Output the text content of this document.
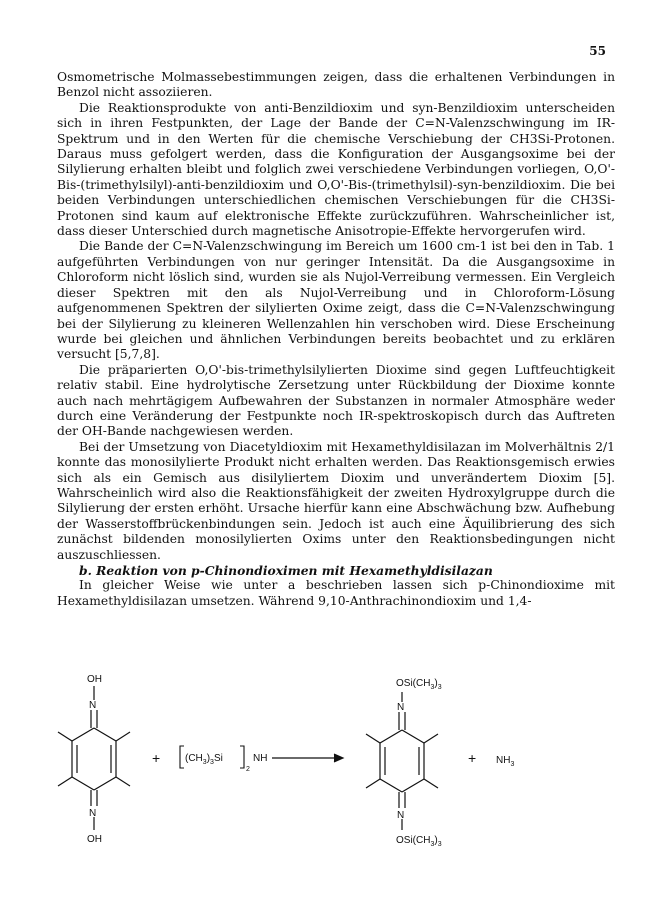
55

Osmometrische Molmassebestimmungen zeigen, dass die erhaltenen Verbindungen in Benzol nicht assoziieren.

Die Reaktionsprodukte von anti-Benzildioxim und syn-Benzildioxim unterscheiden sich in ihren Festpunkten, der Lage der Bande der C=N-Valenzschwingung im IR-Spektrum und in den Werten für die chemische Verschiebung der CH3Si-Protonen. Daraus muss gefolgert werden, dass die Konfiguration der Ausgangsoxime bei der Silylierung erhalten bleibt und folglich zwei verschiedene Verbindungen vorliegen, O,O'-Bis-(trimethylsilyl)-anti-benzildioxim und O,O'-Bis-(trimethylsil)-syn-benzildioxim. Die bei beiden Verbindungen unterschiedlichen chemischen Verschiebungen für die CH3Si-Protonen sind kaum auf elektronische Effekte zurückzuführen. Wahrscheinlicher ist, dass dieser Unterschied durch magnetische Anisotropie-Effekte hervorgerufen wird.

Die Bande der C=N-Valenzschwingung im Bereich um 1600 cm-1 ist bei den in Tab. 1 aufgeführten Verbindungen von nur geringer Intensität. Da die Ausgangsoxime in Chloroform nicht löslich sind, wurden sie als Nujol-Verreibung vermessen. Ein Vergleich dieser Spektren mit den als Nujol-Verreibung und in Chloroform-Lösung aufgenommenen Spektren der silylierten Oxime zeigt, dass die C=N-Valenzschwingung bei der Silylierung zu kleineren Wellenzahlen hin verschoben wird. Diese Erscheinung wurde bei gleichen und ähnlichen Verbindungen bereits beobachtet und zu erklären versucht [5,7,8].

Die präparierten O,O'-bis-trimethylsilylierten Dioxime sind gegen Luftfeuchtigkeit relativ stabil. Eine hydrolytische Zersetzung unter Rückbildung der Dioxime konnte auch nach mehrtägigem Aufbewahren der Substanzen in normaler Atmosphäre weder durch eine Veränderung der Festpunkte noch IR-spektroskopisch durch das Auftreten der OH-Bande nachgewiesen werden.

Bei der Umsetzung von Diacetyldioxim mit Hexamethyldisilazan im Molverhältnis 2/1 konnte das monosilylierte Produkt nicht erhalten werden. Das Reaktionsgemisch erwies sich als ein Gemisch aus disilyliertem Dioxim und unverändertem Dioxim [5]. Wahrscheinlich wird also die Reaktionsfähigkeit der zweiten Hydroxylgruppe durch die Silylierung der ersten erhöht. Ursache hierfür kann eine Abschwächung bzw. Aufhebung der Wasserstoffbrückenbindungen sein. Jedoch ist auch eine Äquilibrierung des sich zunächst bildenden monosilylierten Oxims unter den Reaktionsbedingungen nicht auszuschliessen.

b. Reaktion von p-Chinondioximen mit Hexamethyldisilazan

In gleicher Weise wie unter a beschrieben lassen sich p-Chinondioxime mit Hexamethyldisilazan umsetzen. Während 9,10-Anthrachinondioxim und 1,4-

OH
N
N
OH
+ $(CH_3)_3Si$
2
NH
$OSi(CH_3)_3$
N
N
$OSi(CH_3)_3$
+ $NH_3$
